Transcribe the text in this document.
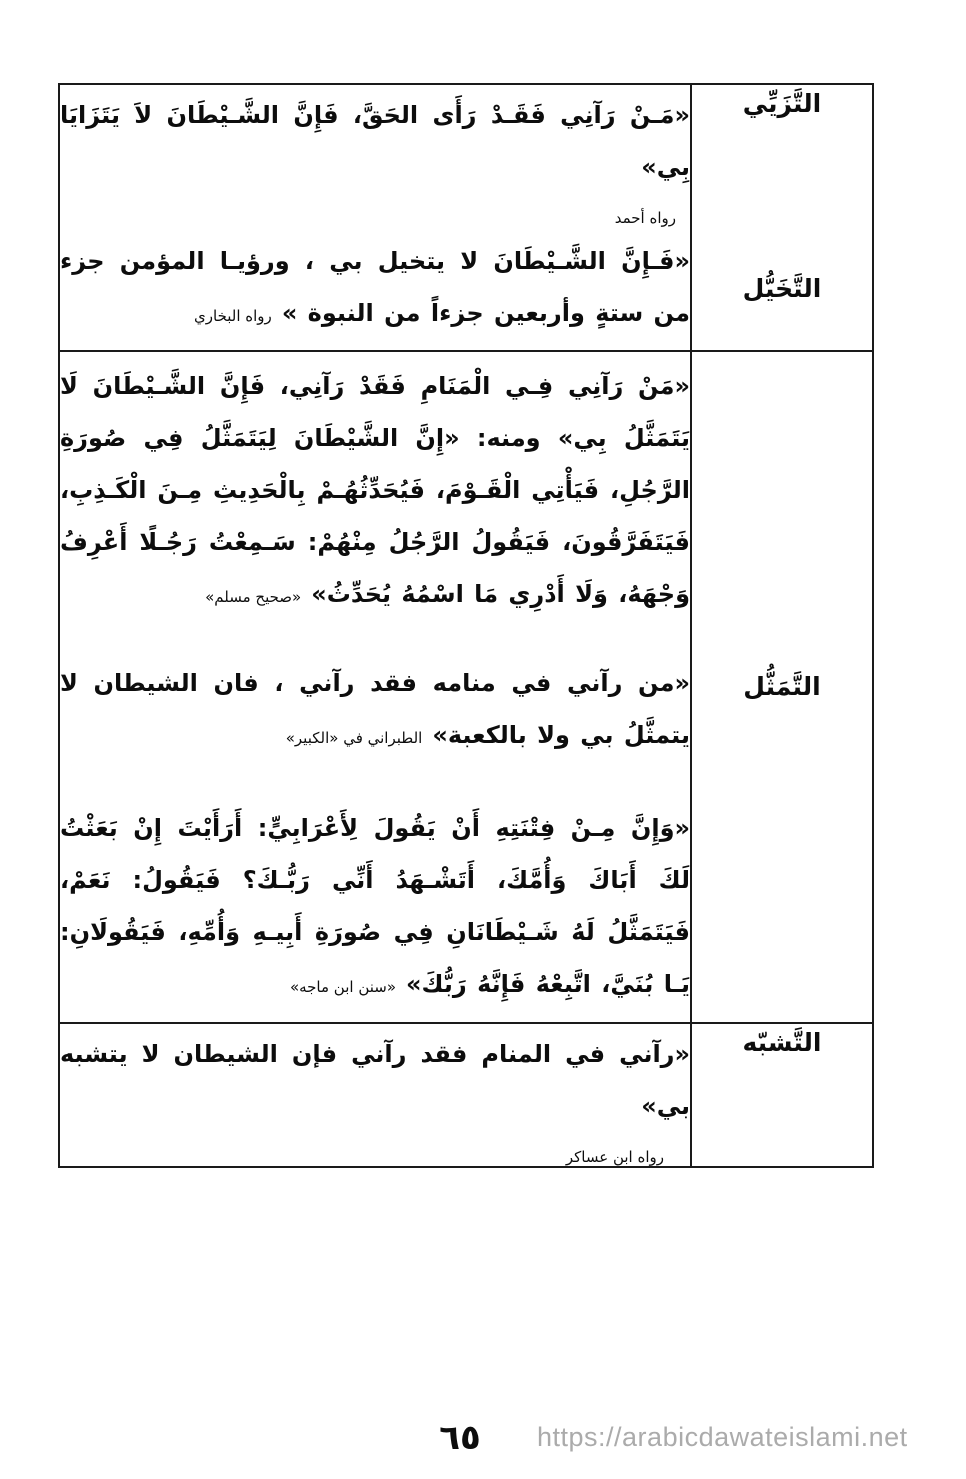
التَّزَيِّي	«مَـنْ رَآنِي فَقَـدْ رَأَى الحَقَّ، فَإِنَّ الشَّـيْطَانَ لاَ يَتَزَايَا بِي»

رواه أحمد

التَّخَيُّل	«فَـإِنَّ الشَّـيْطَانَ لا يتخيل بي ، ورؤيـا المؤمن جزء من ستةٍ وأربعين جزءاً من النبوة »رواه البخاري

التَّمَثُّل	«مَنْ رَآنِي فِـي الْمَنَامِ فَقَدْ رَآنِي، فَإِنَّ الشَّـيْطَانَ لَا يَتَمَثَّلُ بِي» ومنه: «إِنَّ الشَّيْطَانَ لِيَتَمَثَّلُ فِي صُورَةِ الرَّجُلِ، فَيَأْتِي الْقَـوْمَ، فَيُحَدِّثُهُـمْ بِالْحَدِيثِ مِـنَ الْكَـذِبِ، فَيَتَفَرَّقُونَ، فَيَقُولُ الرَّجُلُ مِنْهُمْ: سَـمِعْتُ رَجُـلًا أَعْرِفُ وَجْهَهُ، وَلَا أَدْرِي مَا اسْمُهُ يُحَدِّثُ»«صحيح مسلم»

«من رآني في منامه فقد رآني ، فان الشيطان لا يتمثَّلُ بي ولا بالكعبة»الطبراني في «الكبير»

«وَإِنَّ مِـنْ فِتْنَتِهِ أَنْ يَقُولَ لِأَعْرَابِيٍّ: أَرَأَيْتَ إِنْ بَعَثْتُ لَكَ أَبَاكَ وَأُمَّكَ، أَتَشْـهَدُ أَنِّي رَبُّـكَ؟ فَيَقُولُ: نَعَمْ، فَيَتَمَثَّلُ لَهُ شَـيْطَانَانِ فِي صُورَةِ أَبِيـهِ وَأُمِّهِ، فَيَقُولَانِ: يَـا بُنَيَّ، اتَّبِعْهُ فَإِنَّهُ رَبُّكَ»«سنن ابن ماجه»

التَّشبّه	«رآني في المنام فقد رآني فإن الشيطان لا يتشبه بي»

رواه ابن عساكر
٦٥	https://arabicdawateislami.net
